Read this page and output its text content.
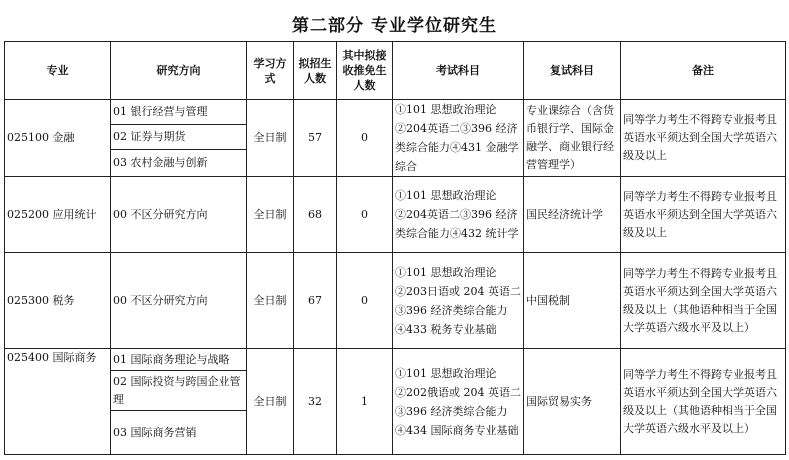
第二部分 专业学位研究生
专业	研究方向	学习方式	拟招生人数	其中拟接收推免生人数	考试科目	复试科目	备注
025100 金融	01 银行经营与管理	全日制	57	0	①101 思想政治理论②204英语二③396 经济类综合能力④431 金融学综合	专业课综合（含货币银行学、国际金融学、商业银行经营管理学）	同等学力考生不得跨专业报考且英语水平须达到全国大学英语六级及以上
	02 证券与期货						
	03 农村金融与创新						
025200 应用统计	00 不区分研究方向	全日制	68	0	①101 思想政治理论②204英语二③396 经济类综合能力④432 统计学	国民经济统计学	同等学力考生不得跨专业报考且英语水平须达到全国大学英语六级及以上
025300 税务	00 不区分研究方向	全日制	67	0	①101 思想政治理论②203日语或 204 英语二③396 经济类综合能力④433 税务专业基础	中国税制	同等学力考生不得跨专业报考且英语水平须达到全国大学英语六级及以上（其他语种相当于全国大学英语六级水平及以上）
025400 国际商务	01 国际商务理论与战略	全日制	32	1	①101 思想政治理论②202俄语或 204 英语二③396 经济类综合能力④434 国际商务专业基础	国际贸易实务	同等学力考生不得跨专业报考且英语水平须达到全国大学英语六级及以上（其他语种相当于全国大学英语六级水平及以上）
	02 国际投资与跨国企业管理						
	03 国际商务营销						
